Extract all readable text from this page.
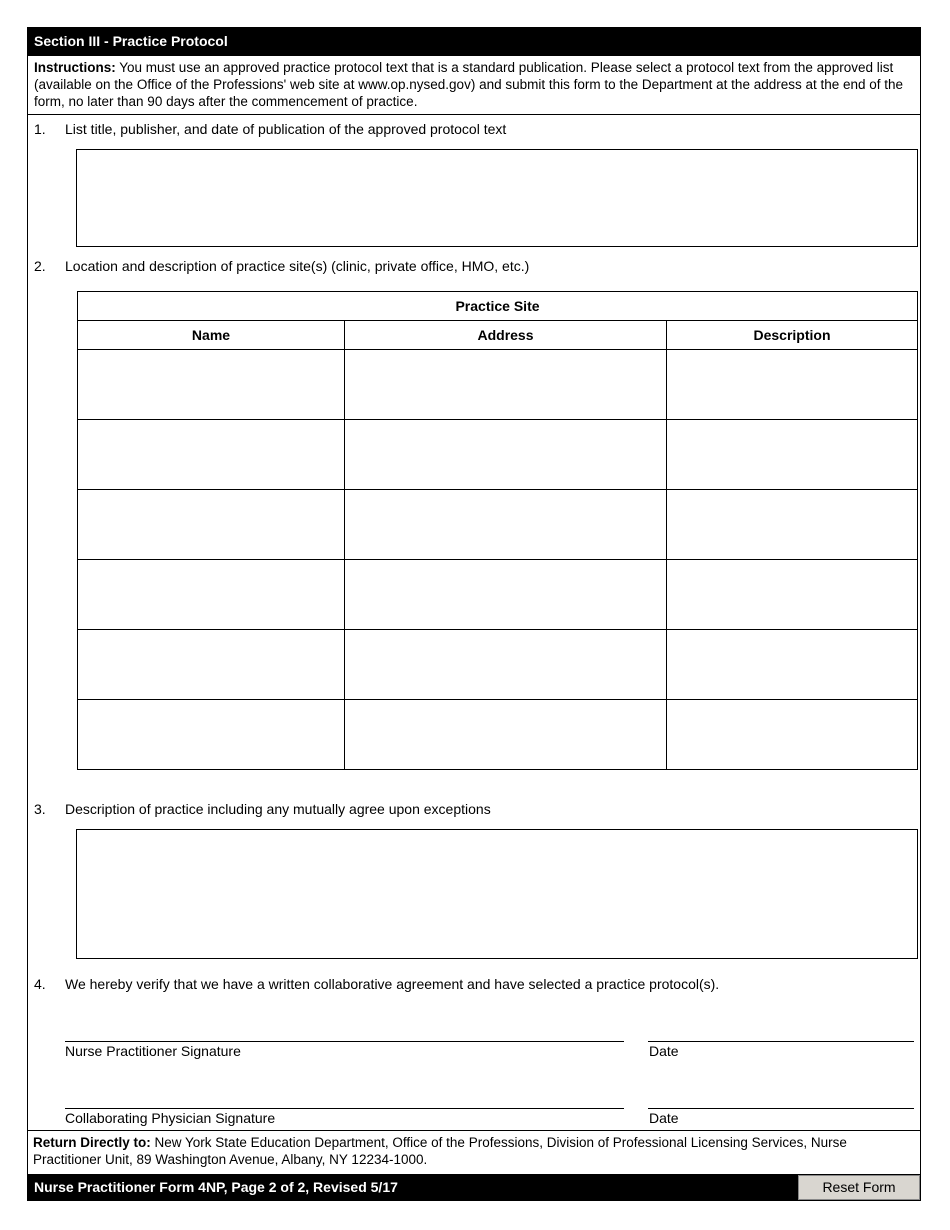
Section III - Practice Protocol
Instructions: You must use an approved practice protocol text that is a standard publication. Please select a protocol text from the approved list (available on the Office of the Professions' web site at www.op.nysed.gov) and submit this form to the Department at the address at the end of the form, no later than 90 days after the commencement of practice.
1. List title, publisher, and date of publication of the approved protocol text
2. Location and description of practice site(s) (clinic, private office, HMO, etc.)
Practice Site		
Name	Address	Description

3. Description of practice including any mutually agree upon exceptions
4. We hereby verify that we have a written collaborative agreement and have selected a practice protocol(s).
Nurse Practitioner Signature	Date
Collaborating Physician Signature	Date
Return Directly to: New York State Education Department, Office of the Professions, Division of Professional Licensing Services, Nurse Practitioner Unit, 89 Washington Avenue, Albany, NY 12234-1000.
Nurse Practitioner Form 4NP, Page 2 of 2, Revised 5/17	Reset Form
